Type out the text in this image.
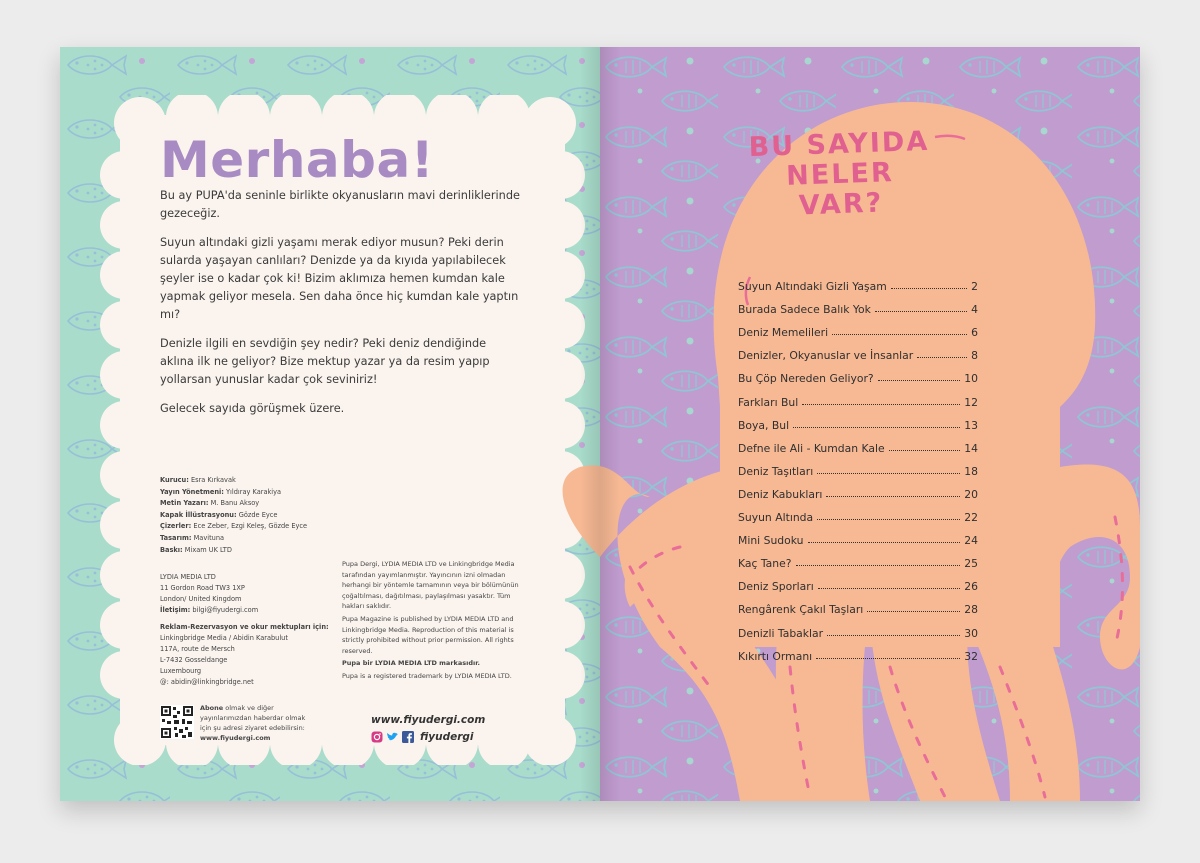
Merhaba!

Bu ay PUPA'da seninle birlikte okyanusların mavi derinliklerinde gezeceğiz.

Suyun altındaki gizli yaşamı merak ediyor musun? Peki derin sularda yaşayan canlıları? Denizde ya da kıyıda yapılabilecek şeyler ise o kadar çok ki! Bizim aklımıza hemen kumdan kale yapmak geliyor mesela. Sen daha önce hiç kumdan kale yaptın mı?

Denizle ilgili en sevdiğin şey nedir? Peki deniz dendiğinde aklına ilk ne geliyor? Bize mektup yazar ya da resim yapıp yollarsan yunuslar kadar çok seviniriz!

Gelecek sayıda görüşmek üzere.

Kurucu: Esra Kırkavak
Yayın Yönetmeni: Yıldıray Karakiya
Metin Yazarı: M. Banu Aksoy
Kapak İllüstrasyonu: Gözde Eyce
Çizerler: Ece Zeber, Ezgi Keleş, Gözde Eyce
Tasarım: Mavituna
Baskı: Mixam UK LTD
LYDIA MEDIA LTD
11 Gordon Road TW3 1XP
London/ United Kingdom
İletişim: bilgi@fiyudergi.com
Reklam-Rezervasyon ve okur mektupları için:
Linkingbridge Media / Abidin Karabulut
117A, route de Mersch
L-7432 Gosseldange
Luxembourg
@: abidin@linkingbridge.net

Pupa Dergi, LYDIA MEDIA LTD ve Linkingbridge Media tarafından yayımlanmıştır. Yayıncının izni olmadan herhangi bir yöntemle tamamının veya bir bölümünün çoğaltılması, dağıtılması, paylaşılması yasaktır. Tüm hakları saklıdır.

Pupa Magazine is published by LYDIA MEDIA LTD and Linkingbridge Media. Reproduction of this material is strictly prohibited without prior permission. All rights reserved.

Pupa bir LYDIA MEDIA LTD markasıdır.

Pupa is a registered trademark by LYDIA MEDIA LTD.

Abone olmak ve diğer yayınlarımızdan haberdar olmak için şu adresi ziyaret edebilirsin:
www.fiyudergi.com
www.fiyudergi.com
fiyudergi
BU SAYIDA
NELER VAR?
Suyun Altındaki Gizli Yaşam	2
Burada Sadece Balık Yok	4
Deniz Memelileri	6
Denizler, Okyanuslar ve İnsanlar	8
Bu Çöp Nereden Geliyor?	10
Farkları Bul	12
Boya, Bul	13
Defne ile Ali - Kumdan Kale	14
Deniz Taşıtları	18
Deniz Kabukları	20
Suyun Altında	22
Mini Sudoku	24
Kaç Tane?	25
Deniz Sporları	26
Rengârenk Çakıl Taşları	28
Denizli Tabaklar	30
Kıkırtı Ormanı	32
